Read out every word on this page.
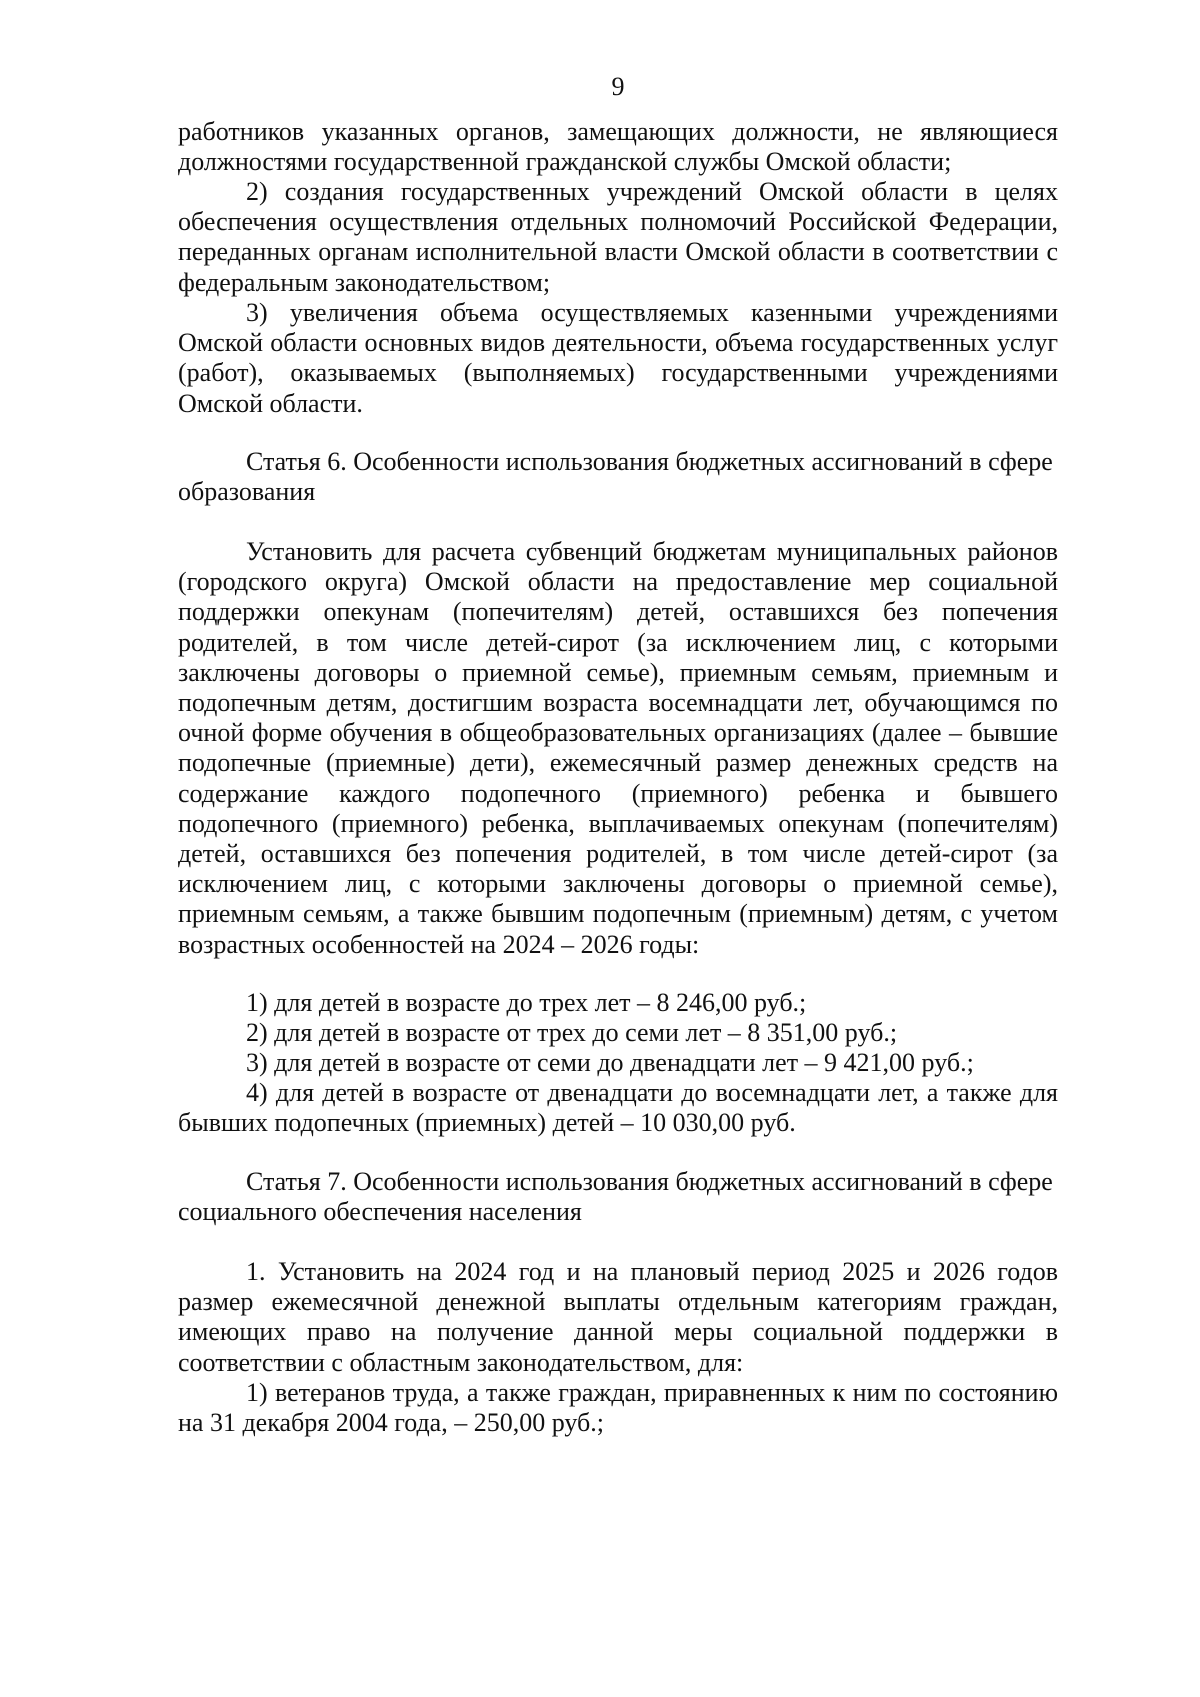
9

работников указанных органов, замещающих должности, не являющиеся должностями государственной гражданской службы Омской области;

2) создания государственных учреждений Омской области в целях обеспечения осуществления отдельных полномочий Российской Федерации, переданных органам исполнительной власти Омской области в соответствии с федеральным законодательством;

3) увеличения объема осуществляемых казенными учреждениями Омской области основных видов деятельности, объема государственных услуг (работ), оказываемых (выполняемых) государственными учреждениями Омской области.

Статья 6. Особенности использования бюджетных ассигнований в сфере образования

Установить для расчета субвенций бюджетам муниципальных районов (городского округа) Омской области на предоставление мер социальной поддержки опекунам (попечителям) детей, оставшихся без попечения родителей, в том числе детей-сирот (за исключением лиц, с которыми заключены договоры о приемной семье), приемным семьям, приемным и подопечным детям, достигшим возраста восемнадцати лет, обучающимся по очной форме обучения в общеобразовательных организациях (далее – бывшие подопечные (приемные) дети), ежемесячный размер денежных средств на содержание каждого подопечного (приемного) ребенка и бывшего подопечного (приемного) ребенка, выплачиваемых опекунам (попечителям) детей, оставшихся без попечения родителей, в том числе детей-сирот (за исключением лиц, с которыми заключены договоры о приемной семье), приемным семьям, а также бывшим подопечным (приемным) детям, с учетом возрастных особенностей на 2024 – 2026 годы:

1) для детей в возрасте до трех лет – 8 246,00 руб.;

2) для детей в возрасте от трех до семи лет – 8 351,00 руб.;

3) для детей в возрасте от семи до двенадцати лет – 9 421,00 руб.;

4) для детей в возрасте от двенадцати до восемнадцати лет, а также для бывших подопечных (приемных) детей – 10 030,00 руб.

Статья 7. Особенности использования бюджетных ассигнований в сфере социального обеспечения населения

1. Установить на 2024 год и на плановый период 2025 и 2026 годов размер ежемесячной денежной выплаты отдельным категориям граждан, имеющих право на получение данной меры социальной поддержки в соответствии с областным законодательством, для:

1) ветеранов труда, а также граждан, приравненных к ним по состоянию на 31 декабря 2004 года, – 250,00 руб.;
